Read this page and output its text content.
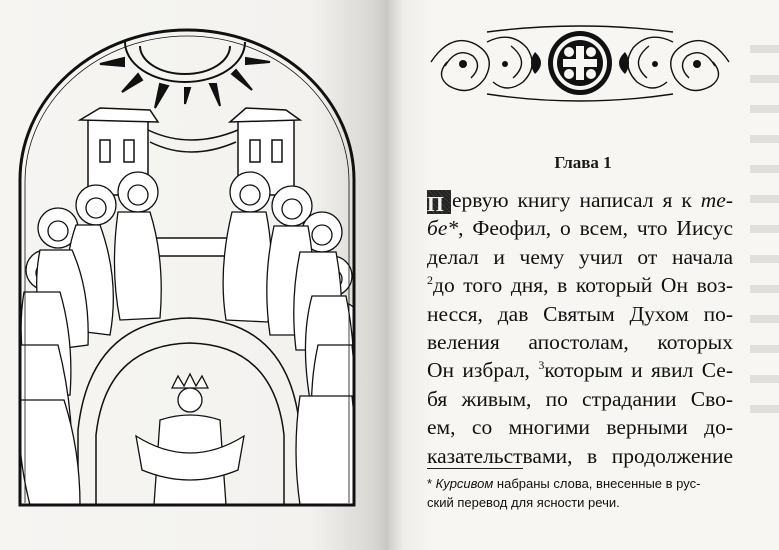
Глава 1
П ервую книгу написал я к те-
бе*, Феофил, о всем, что Иисус
делал и чему учил от начала
$^2$до того дня, в который Он воз-
несся, дав Святым Духом по-
веления апостолам, которых
Он избрал, $^3$которым и явил Се-
бя живым, по страдании Сво-
ем, со многими верными до-
казательствами, в продолжение
* Курсивом набраны слова, внесенные в рус-
ский перевод для ясности речи.
